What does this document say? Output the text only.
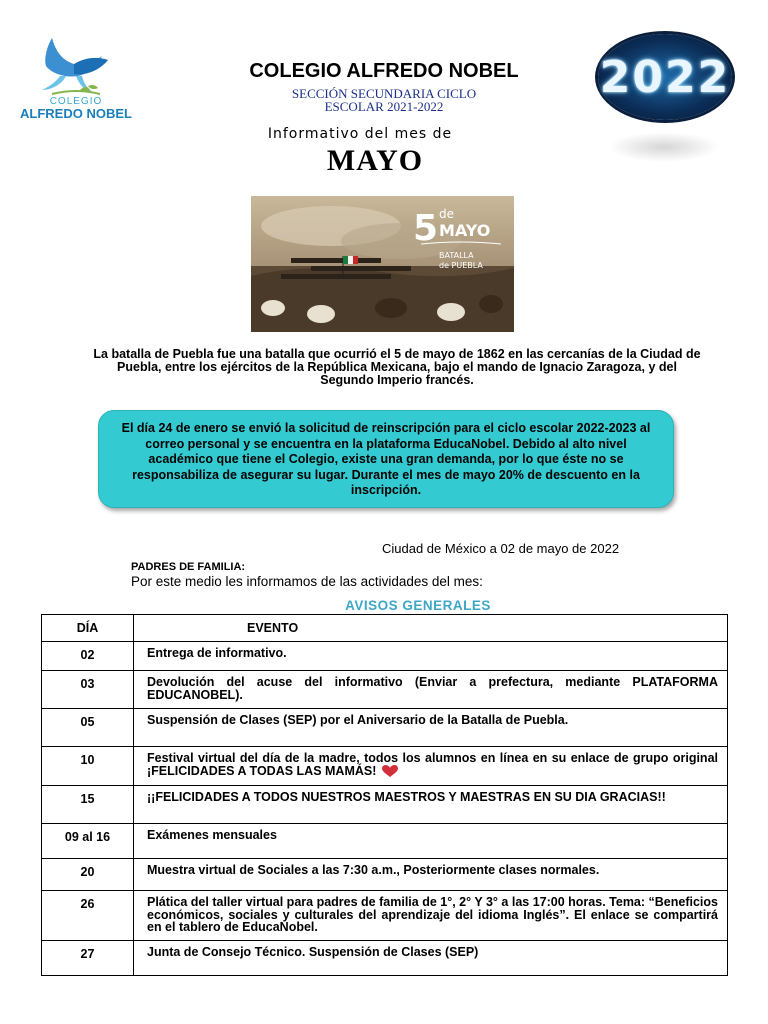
COLEGIO
ALFREDO NOBEL
2022
COLEGIO ALFREDO NOBEL
SECCIÓN SECUNDARIA CICLO
ESCOLAR 2021-2022
Informativo del mes de
MAYO
5 de
MAYO
BATALLA
de PUEBLA
La batalla de Puebla fue una batalla que ocurrió el 5 de mayo de 1862 en las cercanías de la Ciudad de Puebla, entre los ejércitos de la República Mexicana, bajo el mando de Ignacio Zaragoza, y del Segundo Imperio francés.
El día 24 de enero se envió la solicitud de reinscripción para el ciclo escolar 2022-2023 al correo personal y se encuentra en la plataforma EducaNobel. Debido al alto nivel académico que tiene el Colegio, existe una gran demanda, por lo que éste no se responsabiliza de asegurar su lugar. Durante el mes de mayo 20% de descuento en la inscripción.
Ciudad de México a 02 de mayo de 2022
PADRES DE FAMILIA:
Por este medio les informamos de las actividades del mes:
AVISOS GENERALES
DÍA	EVENTO
02	Entrega de informativo.
03	Devolución del acuse del informativo (Enviar a prefectura, mediante PLATAFORMA EDUCANOBEL).
05	Suspensión de Clases (SEP) por el Aniversario de la Batalla de Puebla.
10	Festival virtual del día de la madre, todos los alumnos en línea en su enlace de grupo original ¡FELICIDADES A TODAS LAS MAMÁS!
15	¡¡FELICIDADES A TODOS NUESTROS MAESTROS Y MAESTRAS EN SU DIA GRACIAS!!
09 al 16	Exámenes mensuales
20	Muestra virtual de Sociales a las 7:30 a.m., Posteriormente clases normales.
26	Plática del taller virtual para padres de familia de 1°, 2° Y 3° a las 17:00 horas. Tema: “Beneficios económicos, sociales y culturales del aprendizaje del idioma Inglés”. El enlace se compartirá en el tablero de EducaNobel.
27	Junta de Consejo Técnico. Suspensión de Clases (SEP)
